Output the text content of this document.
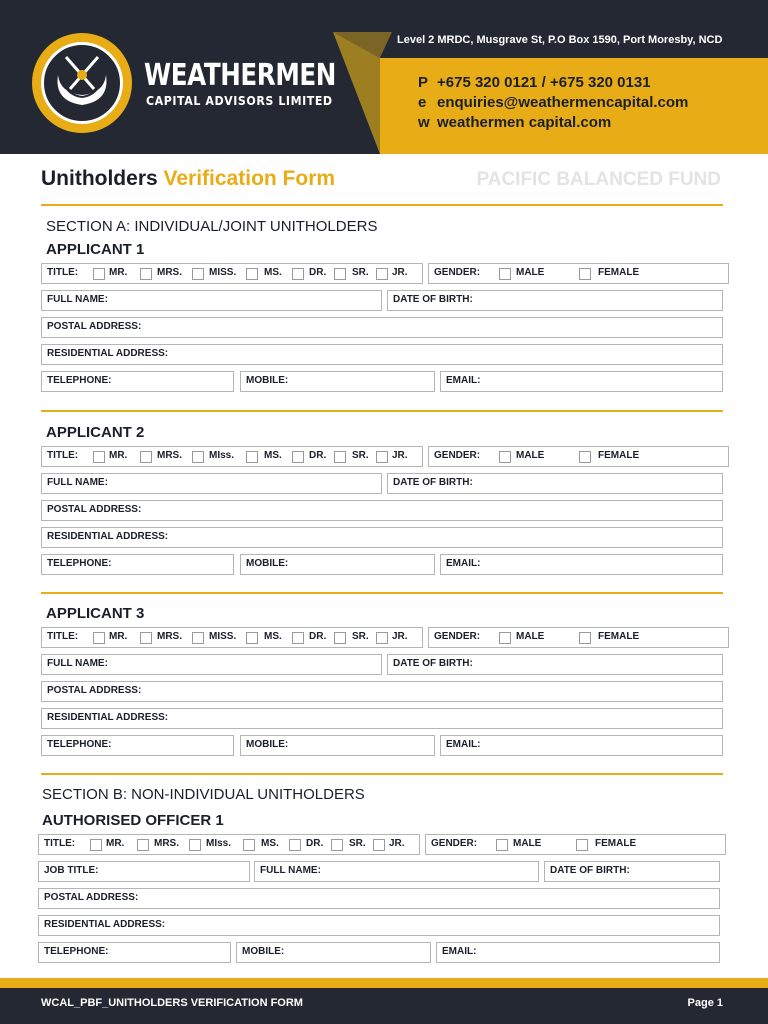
WEATHERMEN
CAPITAL ADVISORS LIMITED
Level 2 MRDC, Musgrave St, P.O Box 1590, Port Moresby, NCD
P +675 320 0121 / +675 320 0131
e enquiries@weathermencapital.com
w weathermen capital.com
Unitholders Verification Form	PACIFIC BALANCED FUND
SECTION A: INDIVIDUAL/JOINT UNITHOLDERS
APPLICANT 1
TITLE:	MR.	MRS.	MISS.	MS.	DR.	SR. JR.	GENDER:	MALE	FEMALE
FULL NAME:	DATE OF BIRTH:
POSTAL ADDRESS:
RESIDENTIAL ADDRESS:
TELEPHONE:	MOBILE:	EMAIL:
APPLICANT 2
TITLE:	MR.	MRS.	MIss.	MS.	DR.	SR. JR.	GENDER:	MALE	FEMALE
FULL NAME:	DATE OF BIRTH:
POSTAL ADDRESS:
RESIDENTIAL ADDRESS:
TELEPHONE:	MOBILE:	EMAIL:
APPLICANT 3
TITLE:	MR.	MRS.	MISS.	MS.	DR.	SR. JR.	GENDER:	MALE	FEMALE
FULL NAME:	DATE OF BIRTH:
POSTAL ADDRESS:
RESIDENTIAL ADDRESS:
TELEPHONE:	MOBILE:	EMAIL:
SECTION B: NON-INDIVIDUAL UNITHOLDERS
AUTHORISED OFFICER 1
TITLE:	MR.	MRS.	MIss.	MS.	DR.	SR. JR.	GENDER:	MALE	FEMALE
JOB TITLE:	FULL NAME:	DATE OF BIRTH:
POSTAL ADDRESS:
RESIDENTIAL ADDRESS:
TELEPHONE:	MOBILE:	EMAIL:
WCAL_PBF_UNITHOLDERS VERIFICATION FORM	Page 1
